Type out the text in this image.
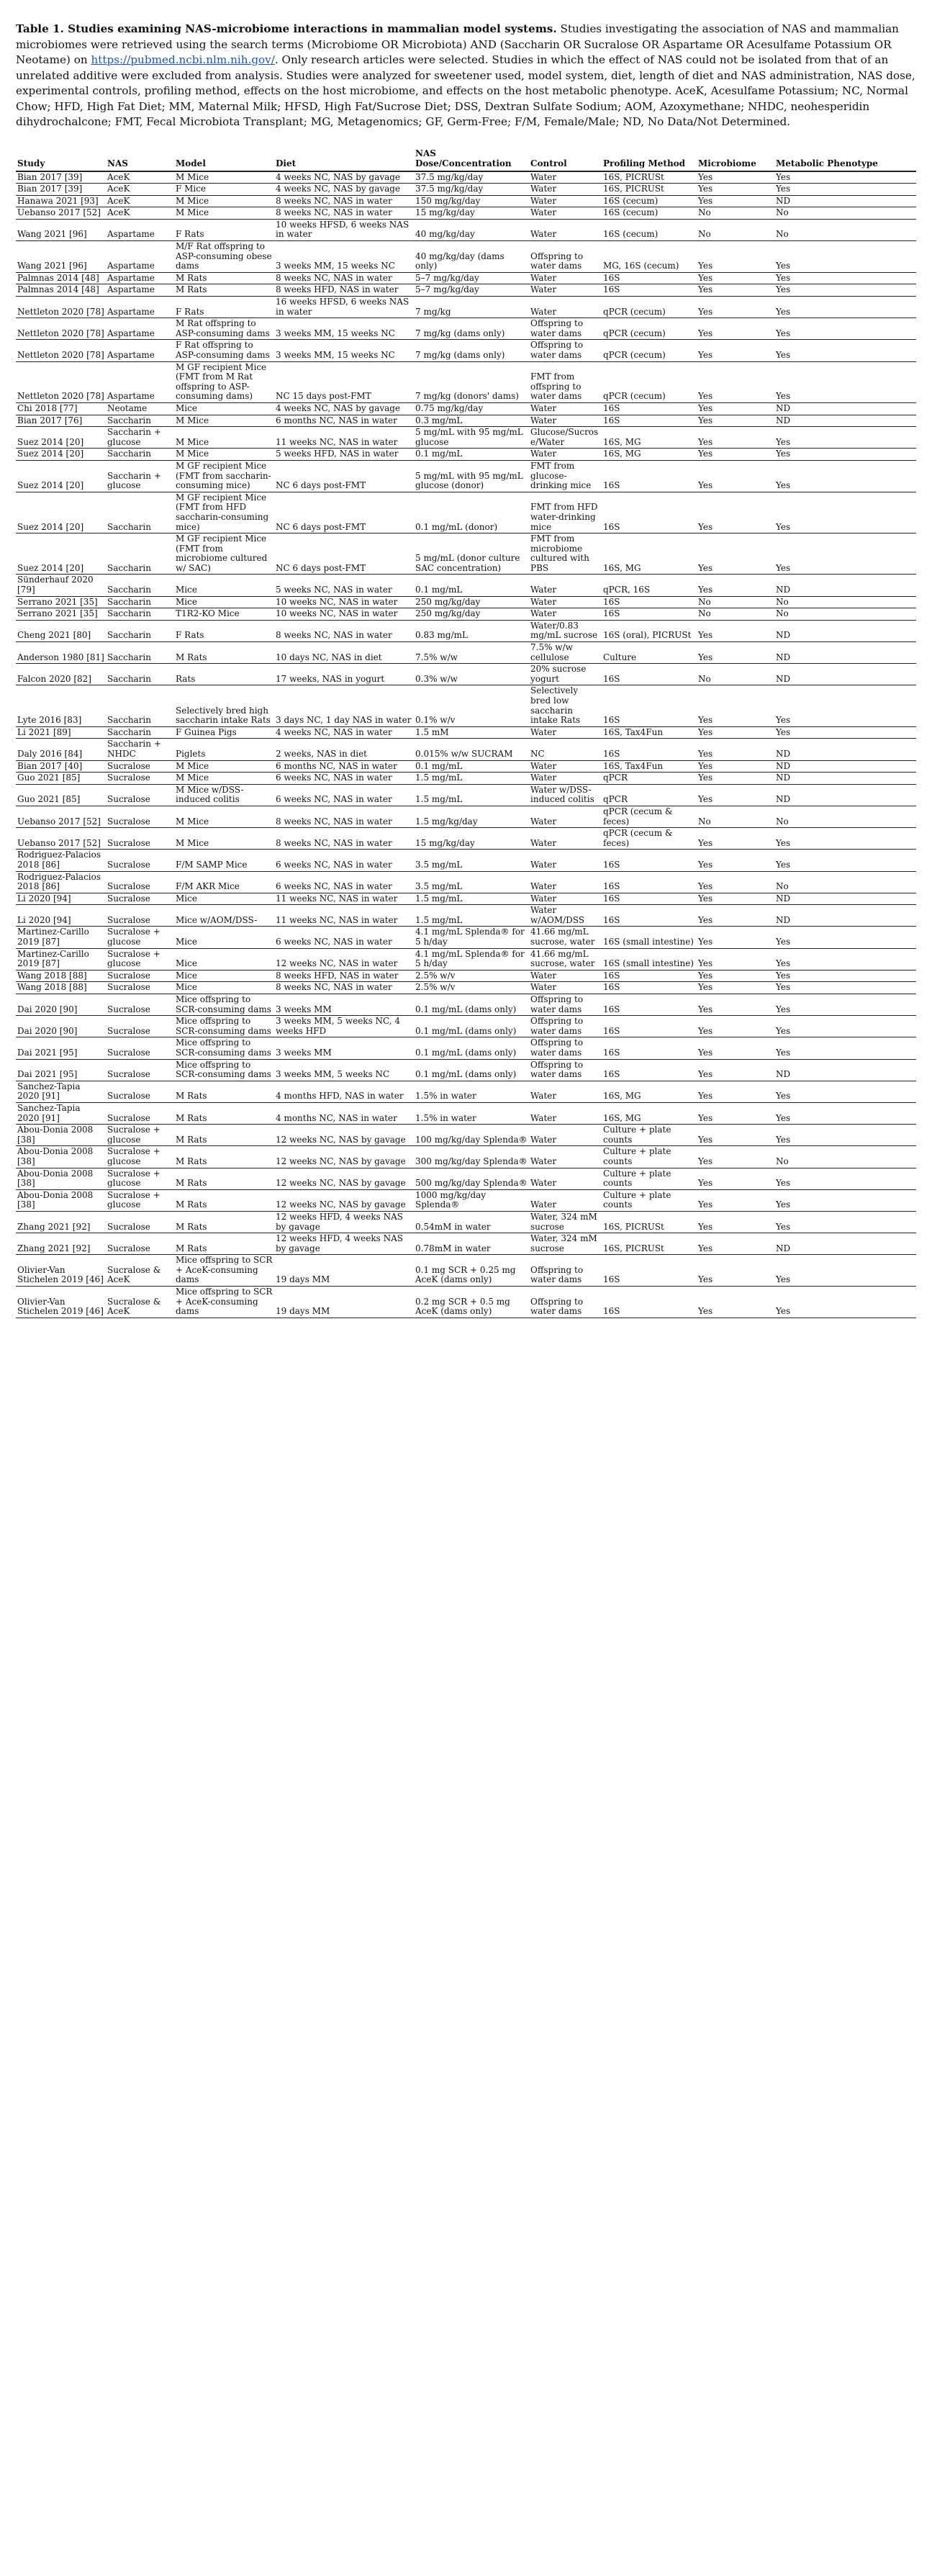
Table 1. Studies examining NAS-microbiome interactions in mammalian model systems. Studies investigating the association of NAS and mammalian microbiomes were retrieved using the search terms (Microbiome OR Microbiota) AND (Saccharin OR Sucralose OR Aspartame OR Acesulfame Potassium OR Neotame) on https://pubmed.ncbi.nlm.nih.gov/. Only research articles were selected. Studies in which the effect of NAS could not be isolated from that of an unrelated additive were excluded from analysis. Studies were analyzed for sweetener used, model system, diet, length of diet and NAS administration, NAS dose, experimental controls, profiling method, effects on the host microbiome, and effects on the host metabolic phenotype. AceK, Acesulfame Potassium; NC, Normal Chow; HFD, High Fat Diet; MM, Maternal Milk; HFSD, High Fat/Sucrose Diet; DSS, Dextran Sulfate Sodium; AOM, Azoxymethane; NHDC, neohesperidin dihydrochalcone; FMT, Fecal Microbiota Transplant; MG, Metagenomics; GF, Germ-Free; F/M, Female/Male; ND, No Data/Not Determined.

Study	NAS	Model	Diet	NAS Dose/Concentration	Control	Profiling Method	Microbiome	Metabolic Phenotype
Bian 2017 [39]	AceK	M Mice	4 weeks NC, NAS by gavage	37.5 mg/kg/day	Water	16S, PICRUSt	Yes	Yes
Bian 2017 [39]	AceK	F Mice	4 weeks NC, NAS by gavage	37.5 mg/kg/day	Water	16S, PICRUSt	Yes	Yes
Hanawa 2021 [93]	AceK	M Mice	8 weeks NC, NAS in water	150 mg/kg/day	Water	16S (cecum)	Yes	ND
Uebanso 2017 [52]	AceK	M Mice	8 weeks NC, NAS in water	15 mg/kg/day	Water	16S (cecum)	No	No
Wang 2021 [96]	Aspartame	F Rats	10 weeks HFSD, 6 weeks NAS in water	40 mg/kg/day	Water	16S (cecum)	No	No
Wang 2021 [96]	Aspartame	M/F Rat offspring to ASP-consuming obese dams	3 weeks MM, 15 weeks NC	40 mg/kg/day (dams only)	Offspring to water dams	MG, 16S (cecum)	Yes	Yes
Palmnas 2014 [48]	Aspartame	M Rats	8 weeks NC, NAS in water	5–7 mg/kg/day	Water	16S	Yes	Yes
Palmnas 2014 [48]	Aspartame	M Rats	8 weeks HFD, NAS in water	5–7 mg/kg/day	Water	16S	Yes	Yes
Nettleton 2020 [78]	Aspartame	F Rats	16 weeks HFSD, 6 weeks NAS in water	7 mg/kg	Water	qPCR (cecum)	Yes	Yes
Nettleton 2020 [78]	Aspartame	M Rat offspring to ASP-consuming dams	3 weeks MM, 15 weeks NC	7 mg/kg (dams only)	Offspring to water dams	qPCR (cecum)	Yes	Yes
Nettleton 2020 [78]	Aspartame	F Rat offspring to ASP-consuming dams	3 weeks MM, 15 weeks NC	7 mg/kg (dams only)	Offspring to water dams	qPCR (cecum)	Yes	Yes
Nettleton 2020 [78]	Aspartame	M GF recipient Mice (FMT from M Rat offspring to ASP-consuming dams)	NC 15 days post-FMT	7 mg/kg (donors' dams)	FMT from offspring to water dams	qPCR (cecum)	Yes	Yes
Chi 2018 [77]	Neotame	Mice	4 weeks NC, NAS by gavage	0.75 mg/kg/day	Water	16S	Yes	ND
Bian 2017 [76]	Saccharin	M Mice	6 months NC, NAS in water	0.3 mg/mL	Water	16S	Yes	ND
Suez 2014 [20]	Saccharin + glucose	M Mice	11 weeks NC, NAS in water	5 mg/mL with 95 mg/mL glucose	Glucose/Sucrose/Water	16S, MG	Yes	Yes
Suez 2014 [20]	Saccharin	M Mice	5 weeks HFD, NAS in water	0.1 mg/mL	Water	16S, MG	Yes	Yes
Suez 2014 [20]	Saccharin + glucose	M GF recipient Mice (FMT from saccharin-consuming mice)	NC 6 days post-FMT	5 mg/mL with 95 mg/mL glucose (donor)	FMT from glucose-drinking mice	16S	Yes	Yes
Suez 2014 [20]	Saccharin	M GF recipient Mice (FMT from HFD saccharin-consuming mice)	NC 6 days post-FMT	0.1 mg/mL (donor)	FMT from HFD water-drinking mice	16S	Yes	Yes
Suez 2014 [20]	Saccharin	M GF recipient Mice (FMT from microbiome cultured w/ SAC)	NC 6 days post-FMT	5 mg/mL (donor culture SAC concentration)	FMT from microbiome cultured with PBS	16S, MG	Yes	Yes
Sünderhauf 2020 [79]	Saccharin	Mice	5 weeks NC, NAS in water	0.1 mg/mL	Water	qPCR, 16S	Yes	ND
Serrano 2021 [35]	Saccharin	Mice	10 weeks NC, NAS in water	250 mg/kg/day	Water	16S	No	No
Serrano 2021 [35]	Saccharin	T1R2-KO Mice	10 weeks NC, NAS in water	250 mg/kg/day	Water	16S	No	No
Cheng 2021 [80]	Saccharin	F Rats	8 weeks NC, NAS in water	0.83 mg/mL	Water/0.83 mg/mL sucrose	16S (oral), PICRUSt	Yes	ND
Anderson 1980 [81]	Saccharin	M Rats	10 days NC, NAS in diet	7.5% w/w	7.5% w/w cellulose	Culture	Yes	ND
Falcon 2020 [82]	Saccharin	Rats	17 weeks, NAS in yogurt	0.3% w/w	20% sucrose yogurt	16S	No	ND
Lyte 2016 [83]	Saccharin	Selectively bred high saccharin intake Rats	3 days NC, 1 day NAS in water	0.1% w/v	Selectively bred low saccharin intake Rats	16S	Yes	Yes
Li 2021 [89]	Saccharin	F Guinea Pigs	4 weeks NC, NAS in water	1.5 mM	Water	16S, Tax4Fun	Yes	Yes
Daly 2016 [84]	Saccharin + NHDC	Piglets	2 weeks, NAS in diet	0.015% w/w SUCRAM	NC	16S	Yes	ND
Bian 2017 [40]	Sucralose	M Mice	6 months NC, NAS in water	0.1 mg/mL	Water	16S, Tax4Fun	Yes	ND
Guo 2021 [85]	Sucralose	M Mice	6 weeks NC, NAS in water	1.5 mg/mL	Water	qPCR	Yes	ND
Guo 2021 [85]	Sucralose	M Mice w/DSS-induced colitis	6 weeks NC, NAS in water	1.5 mg/mL	Water w/DSS-induced colitis	qPCR	Yes	ND
Uebanso 2017 [52]	Sucralose	M Mice	8 weeks NC, NAS in water	1.5 mg/kg/day	Water	qPCR (cecum & feces)	No	No
Uebanso 2017 [52]	Sucralose	M Mice	8 weeks NC, NAS in water	15 mg/kg/day	Water	qPCR (cecum & feces)	Yes	Yes
Rodriguez-Palacios 2018 [86]	Sucralose	F/M SAMP Mice	6 weeks NC, NAS in water	3.5 mg/mL	Water	16S	Yes	Yes
Rodriguez-Palacios 2018 [86]	Sucralose	F/M AKR Mice	6 weeks NC, NAS in water	3.5 mg/mL	Water	16S	Yes	No
Li 2020 [94]	Sucralose	Mice	11 weeks NC, NAS in water	1.5 mg/mL	Water	16S	Yes	ND
Li 2020 [94]	Sucralose	Mice w/AOM/DSS-	11 weeks NC, NAS in water	1.5 mg/mL	Water w/AOM/DSS	16S	Yes	ND
Martinez-Carillo 2019 [87]	Sucralose + glucose	Mice	6 weeks NC, NAS in water	4.1 mg/mL Splenda® for 5 h/day	41.66 mg/mL sucrose, water	16S (small intestine)	Yes	Yes
Martinez-Carillo 2019 [87]	Sucralose + glucose	Mice	12 weeks NC, NAS in water	4.1 mg/mL Splenda® for 5 h/day	41.66 mg/mL sucrose, water	16S (small intestine)	Yes	Yes
Wang 2018 [88]	Sucralose	Mice	8 weeks HFD, NAS in water	2.5% w/v	Water	16S	Yes	Yes
Wang 2018 [88]	Sucralose	Mice	8 weeks NC, NAS in water	2.5% w/v	Water	16S	Yes	Yes
Dai 2020 [90]	Sucralose	Mice offspring to SCR-consuming dams	3 weeks MM	0.1 mg/mL (dams only)	Offspring to water dams	16S	Yes	Yes
Dai 2020 [90]	Sucralose	Mice offspring to SCR-consuming dams	3 weeks MM, 5 weeks NC, 4 weeks HFD	0.1 mg/mL (dams only)	Offspring to water dams	16S	Yes	Yes
Dai 2021 [95]	Sucralose	Mice offspring to SCR-consuming dams	3 weeks MM	0.1 mg/mL (dams only)	Offspring to water dams	16S	Yes	Yes
Dai 2021 [95]	Sucralose	Mice offspring to SCR-consuming dams	3 weeks MM, 5 weeks NC	0.1 mg/mL (dams only)	Offspring to water dams	16S	Yes	ND
Sanchez-Tapia 2020 [91]	Sucralose	M Rats	4 months HFD, NAS in water	1.5% in water	Water	16S, MG	Yes	Yes
Sanchez-Tapia 2020 [91]	Sucralose	M Rats	4 months NC, NAS in water	1.5% in water	Water	16S, MG	Yes	Yes
Abou-Donia 2008 [38]	Sucralose + glucose	M Rats	12 weeks NC, NAS by gavage	100 mg/kg/day Splenda®	Water	Culture + plate counts	Yes	Yes
Abou-Donia 2008 [38]	Sucralose + glucose	M Rats	12 weeks NC, NAS by gavage	300 mg/kg/day Splenda®	Water	Culture + plate counts	Yes	No
Abou-Donia 2008 [38]	Sucralose + glucose	M Rats	12 weeks NC, NAS by gavage	500 mg/kg/day Splenda®	Water	Culture + plate counts	Yes	Yes
Abou-Donia 2008 [38]	Sucralose + glucose	M Rats	12 weeks NC, NAS by gavage	1000 mg/kg/day Splenda®	Water	Culture + plate counts	Yes	Yes
Zhang 2021 [92]	Sucralose	M Rats	12 weeks HFD, 4 weeks NAS by gavage	0.54mM in water	Water, 324 mM sucrose	16S, PICRUSt	Yes	Yes
Zhang 2021 [92]	Sucralose	M Rats	12 weeks HFD, 4 weeks NAS by gavage	0.78mM in water	Water, 324 mM sucrose	16S, PICRUSt	Yes	ND
Olivier-Van Stichelen 2019 [46]	Sucralose & AceK	Mice offspring to SCR + AceK-consuming dams	19 days MM	0.1 mg SCR + 0.25 mg AceK (dams only)	Offspring to water dams	16S	Yes	Yes
Olivier-Van Stichelen 2019 [46]	Sucralose & AceK	Mice offspring to SCR + AceK-consuming dams	19 days MM	0.2 mg SCR + 0.5 mg AceK (dams only)	Offspring to water dams	16S	Yes	Yes
